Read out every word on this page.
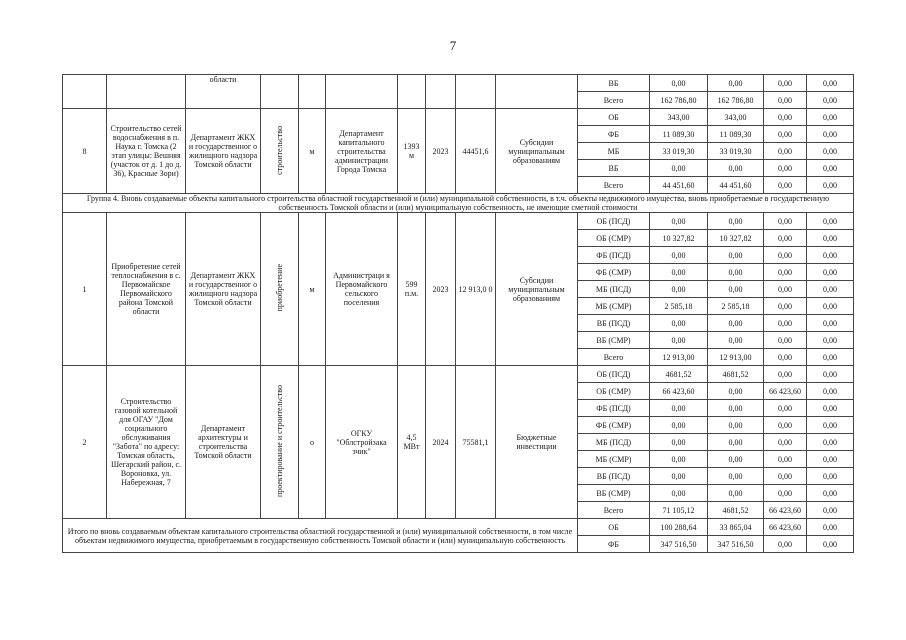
7
		области								ВБ	0,00	0,00	0,00	0,00
										Всего	162 786,80	162 786,80	0,00	0,00
8	Строительство сетей водоснабжения в п. Наука г. Томска (2 этап улицы: Вешняя (участок от д. 1 до д. 36), Красные Зори)	Департамент ЖКХ и государственног о жилищного надзора Томской области	строительство	м	Департамент капитального строительства администрации Города Томска	1393 м	2023	44451,6	Субсидии муниципальным образованиям	ОБ	343,00	343,00	0,00	0,00
										ФБ	11 089,30	11 089,30	0,00	0,00
										МБ	33 019,30	33 019,30	0,00	0,00
										ВБ	0,00	0,00	0,00	0,00
										Всего	44 451,60	44 451,60	0,00	0,00
Группа 4. Вновь создаваемые объекты капитального строительства областной государственной и (или) муниципальной собственности, в т.ч. объекты недвижимого имущества, вновь приобретаемые в государственную собственность Томской области и (или) муниципальную собственность, не имеющие сметной стоимости														
1	Приобретение сетей теплоснабжения в с. Первомайское Первомайского района Томской области	Департамент ЖКХ и государственног о жилищного надзора Томской области	приобретение	м	Администраци я Первомайского сельского поселения	599 п.м.	2023	12 913,0 0	Субсидии муниципальным образованиям	ОБ (ПСД)	0,00	0,00	0,00	0,00
										ОБ (СМР)	10 327,82	10 327,82	0,00	0,00
										ФБ (ПСД)	0,00	0,00	0,00	0,00
										ФБ (СМР)	0,00	0,00	0,00	0,00
										МБ (ПСД)	0,00	0,00	0,00	0,00
										МБ (СМР)	2 585,18	2 585,18	0,00	0,00
										ВБ (ПСД)	0,00	0,00	0,00	0,00
										ВБ (СМР)	0,00	0,00	0,00	0,00
										Всего	12 913,00	12 913,00	0,00	0,00
2	Строительство газовой котельной для ОГАУ "Дом социального обслуживания "Забота" по адресу: Томская область, Шегарский район, с. Вороновка, ул. Набережная, 7	Департамент архитектуры и строительства Томской области	проектирование и строительство	о	ОГКУ "Облстройзака зчик"	4,5 МВт	2024	75581,1	Бюджетные инвестиции	ОБ (ПСД)	4681,52	4681,52	0,00	0,00
										ОБ (СМР)	66 423,60	0,00	66 423,60	0,00
										ФБ (ПСД)	0,00	0,00	0,00	0,00
										ФБ (СМР)	0,00	0,00	0,00	0,00
										МБ (ПСД)	0,00	0,00	0,00	0,00
										МБ (СМР)	0,00	0,00	0,00	0,00
										ВБ (ПСД)	0,00	0,00	0,00	0,00
										ВБ (СМР)	0,00	0,00	0,00	0,00
										Всего	71 105,12	4681,52	66 423,60	0,00
Итого по вновь создаваемым объектам капитального строительства областной государственной и (или) муниципальной собственности, в том числе объектам недвижимого имущества, приобретаемым в государственную собственность Томской области и (или) муниципальную собственность										ОБ	100 288,64	33 865,04	66 423,60	0,00
										ФБ	347 516,50	347 516,50	0,00	0,00
